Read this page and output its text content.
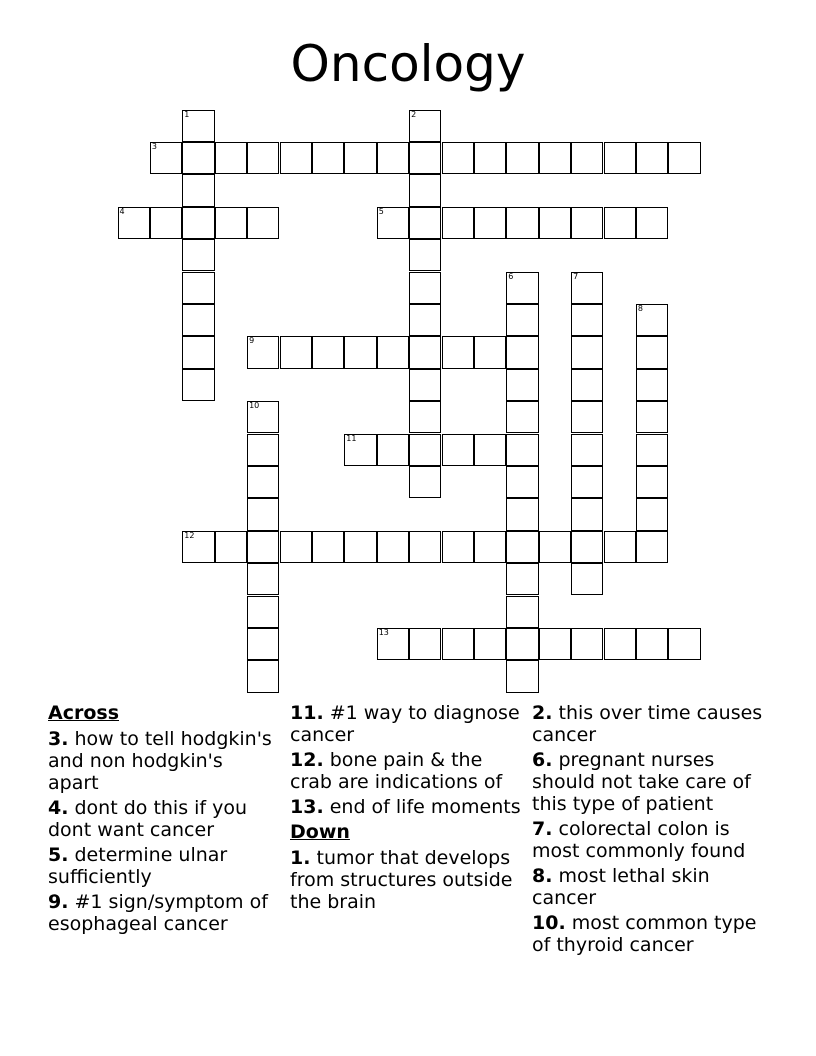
Oncology
1	2
3
4	5
6	7
8
9
10
11
12
13
Across
3. how to tell hodgkin's and non hodgkin's apart
4. dont do this if you dont want cancer
5. determine ulnar sufficiently
9. #1 sign/symptom of esophageal cancer
11. #1 way to diagnose cancer
12. bone pain & the crab are indications of
13. end of life moments
Down
1. tumor that develops from structures outside the brain
2. this over time causes cancer
6. pregnant nurses should not take care of this type of patient
7. colorectal colon is most commonly found
8. most lethal skin cancer
10. most common type of thyroid cancer
